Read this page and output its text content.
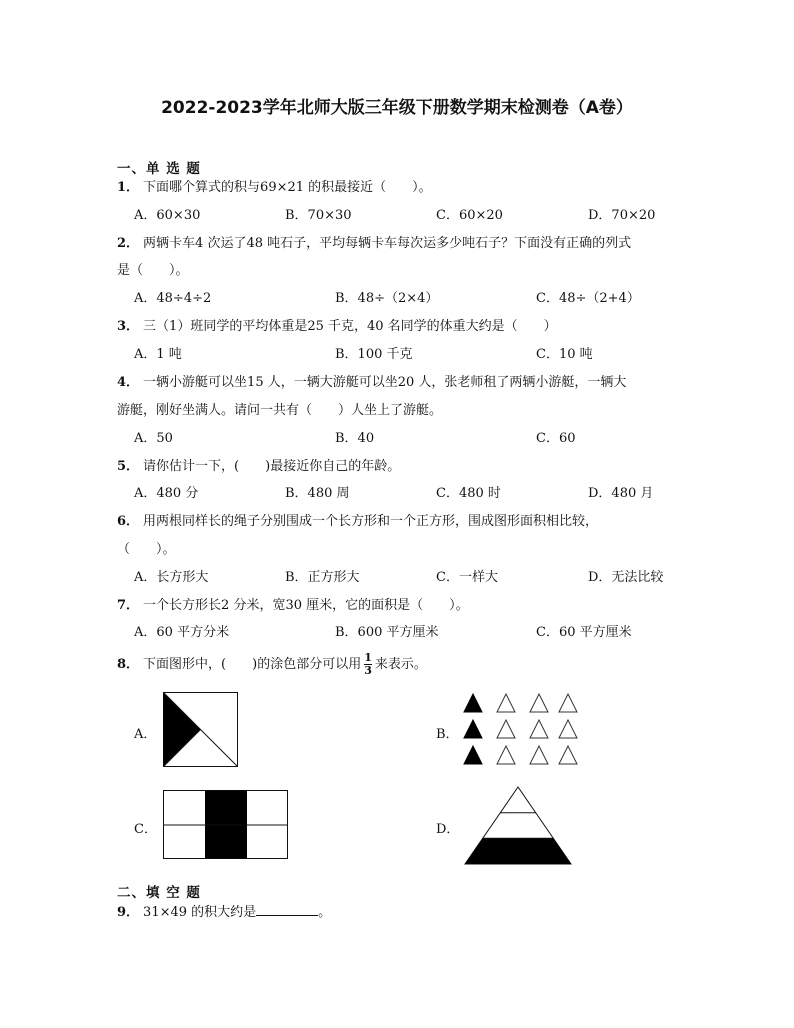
2022-2023学年北师大版三年级下册数学期末检测卷（A卷）
一、单 选 题
1． 下面哪个算式的积与69×21 的积最接近（　　）。
A．60×30	B．70×30	C．60×20	D．70×20
2． 两辆卡车4 次运了48 吨石子，平均每辆卡车每次运多少吨石子？下面没有正确的列式
是（　　）。
A．48÷4÷2	B．48÷（2×4）	C．48÷（2+4）
3． 三（1）班同学的平均体重是25 千克，40 名同学的体重大约是（　　）
A．1 吨	B．100 千克	C．10 吨
4． 一辆小游艇可以坐15 人，一辆大游艇可以坐20 人，张老师租了两辆小游艇，一辆大
游艇，刚好坐满人。请问一共有（　　）人坐上了游艇。
A．50	B．40	C．60
5． 请你估计一下，(　　)最接近你自己的年龄。
A．480 分	B．480 周	C．480 时	D．480 月
6． 用两根同样长的绳子分别围成一个长方形和一个正方形，围成图形面积相比较，
（　　）。
A．长方形大	B．正方形大	C．一样大	D．无法比较
7． 一个长方形长2 分米，宽30 厘米，它的面积是（　　）。
A．60 平方分米	B．600 平方厘米	C．60 平方厘米
8． 下面图形中，(　　)的涂色部分可以用 $\frac{1}{3}$ 来表示。
A．	B．
C．	D．
二、填 空 题
9． 31×49 的积大约是	。
